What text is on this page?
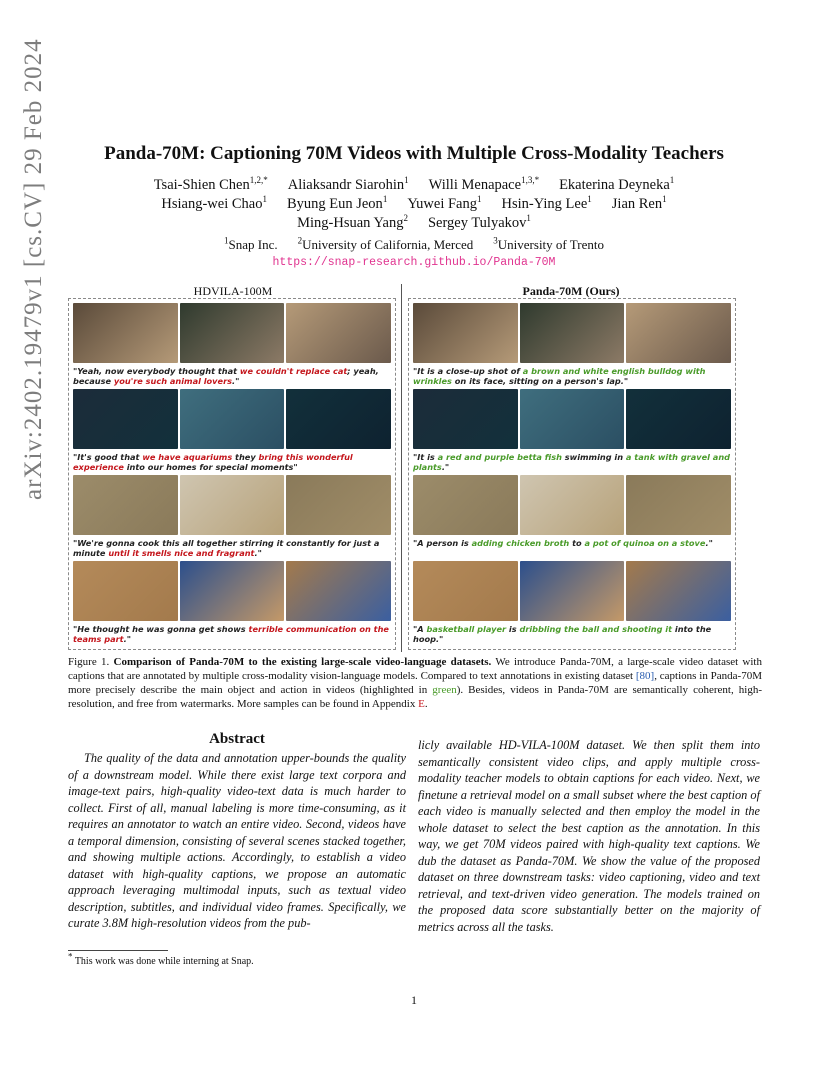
arXiv:2402.19479v1 [cs.CV] 29 Feb 2024	Panda-70M: Captioning 70M Videos with Multiple Cross-Modality Teachers
Tsai-Shien Chen$^{1,2,*}$ Aliaksandr Siarohin$^1$ Willi Menapace$^{1,3,*}$ Ekaterina Deyneka$^1$
Hsiang-wei Chao$^1$ Byung Eun Jeon$^1$ Yuwei Fang$^1$ Hsin-Ying Lee$^1$ Jian Ren$^1$
Ming-Hsuan Yang$^2$ Sergey Tulyakov$^1$
$^1$Snap Inc. $^2$University of California, Merced $^3$University of Trento
https://snap-research.github.io/Panda-70M
HDVILA-100M	Panda-70M (Ours)
"Yeah, now everybody thought that we couldn't replace cat; yeah, because you're such animal lovers."
"It's good that we have aquariums they bring this wonderful experience into our homes for special moments"
"We're gonna cook this all together stirring it constantly for just a minute until it smells nice and fragrant."
"He thought he was gonna get shows terrible communication on the teams part."
"It is a close-up shot of a brown and white english bulldog with wrinkles on its face, sitting on a person's lap."
"It is a red and purple betta fish swimming in a tank with gravel and plants."
"A person is adding chicken broth to a pot of quinoa on a stove."
"A basketball player is dribbling the ball and shooting it into the hoop."
Figure 1. Comparison of Panda-70M to the existing large-scale video-language datasets. We introduce Panda-70M, a large-scale video dataset with captions that are annotated by multiple cross-modality vision-language models. Compared to text annotations in existing dataset [80], captions in Panda-70M more precisely describe the main object and action in videos (highlighted in green). Besides, videos in Panda-70M are semantically coherent, high-resolution, and free from watermarks. More samples can be found in Appendix E.
Abstract
The quality of the data and annotation upper-bounds the quality of a downstream model. While there exist large text corpora and image-text pairs, high-quality video-text data is much harder to collect. First of all, manual labeling is more time-consuming, as it requires an annotator to watch an entire video. Second, videos have a temporal dimension, consisting of several scenes stacked together, and showing multiple actions. Accordingly, to establish a video dataset with high-quality captions, we propose an automatic approach leveraging multimodal inputs, such as textual video description, subtitles, and individual video frames. Specifically, we curate 3.8M high-resolution videos from the pub-
licly available HD-VILA-100M dataset. We then split them into semantically consistent video clips, and apply multiple cross-modality teacher models to obtain captions for each video. Next, we finetune a retrieval model on a small subset where the best caption of each video is manually selected and then employ the model in the whole dataset to select the best caption as the annotation. In this way, we get 70M videos paired with high-quality text captions. We dub the dataset as Panda-70M. We show the value of the proposed dataset on three downstream tasks: video captioning, video and text retrieval, and text-driven video generation. The models trained on the proposed data score substantially better on the majority of metrics across all the tasks.
* This work was done while interning at Snap.
1
